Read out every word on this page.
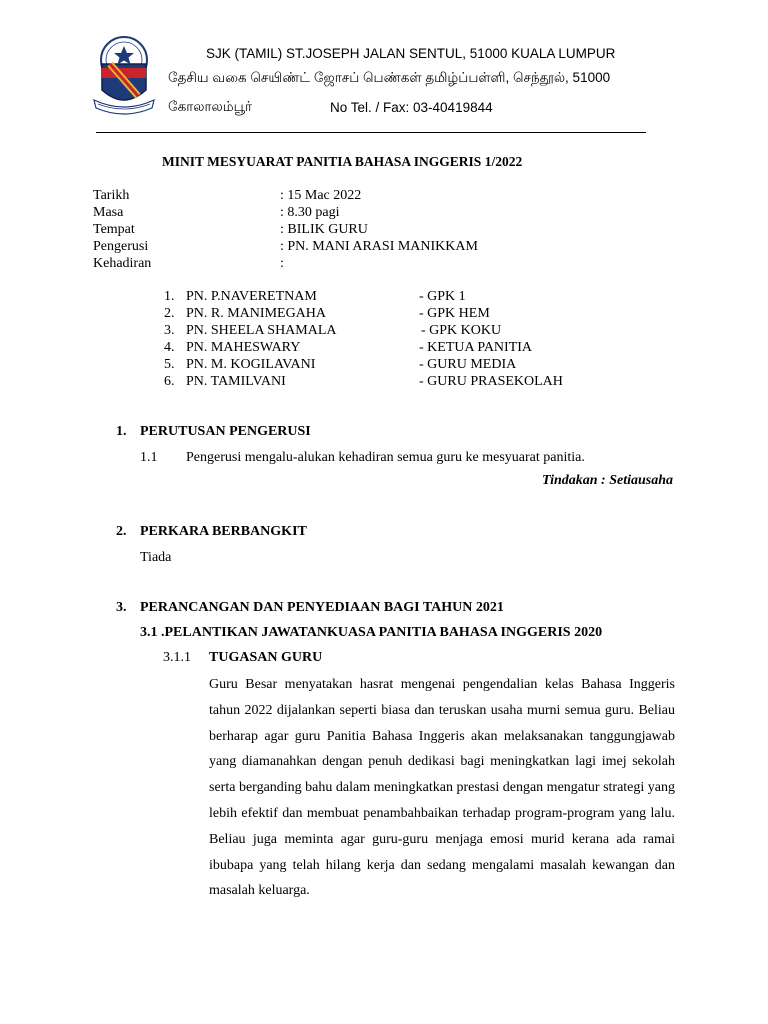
SJK (TAMIL) ST.JOSEPH JALAN SENTUL, 51000 KUALA LUMPUR
தேசிய வகை செயிண்ட் ஜோசப் பெண்கள் தமிழ்ப்பள்ளி, செந்தூல், 51000
கோலாலம்பூர்	No Tel. / Fax: 03-40419844
MINIT MESYUARAT PANITIA BAHASA INGGERIS 1/2022
Tarikh	: 15 Mac 2022
Masa	: 8.30 pagi
Tempat	: BILIK GURU
Pengerusi	: PN. MANI ARASI MANIKKAM
Kehadiran	:
1. PN. P.NAVERETNAM	- GPK 1
2. PN. R. MANIMEGAHA	- GPK HEM
3. PN. SHEELA SHAMALA	- GPK KOKU
4. PN. MAHESWARY	- KETUA PANITIA
5. PN. M. KOGILAVANI	- GURU MEDIA
6. PN. TAMILVANI	- GURU PRASEKOLAH
1. PERUTUSAN PENGERUSI
1.1 Pengerusi mengalu-alukan kehadiran semua guru ke mesyuarat panitia.
Tindakan : Setiausaha
2. PERKARA BERBANGKIT
Tiada
3. PERANCANGAN DAN PENYEDIAAN BAGI TAHUN 2021
3.1 .PELANTIKAN JAWATANKUASA PANITIA BAHASA INGGERIS 2020
3.1.1 TUGASAN GURU
Guru Besar menyatakan hasrat mengenai pengendalian kelas Bahasa Inggeris tahun 2022 dijalankan seperti biasa dan teruskan usaha murni semua guru. Beliau berharap agar guru Panitia Bahasa Inggeris akan melaksanakan tanggungjawab yang diamanahkan dengan penuh dedikasi bagi meningkatkan lagi imej sekolah serta berganding bahu dalam meningkatkan prestasi dengan mengatur strategi yang lebih efektif dan membuat penambahbaikan terhadap program-program yang lalu. Beliau juga meminta agar guru-guru menjaga emosi murid kerana ada ramai ibubapa yang telah hilang kerja dan sedang mengalami masalah kewangan dan masalah keluarga.
